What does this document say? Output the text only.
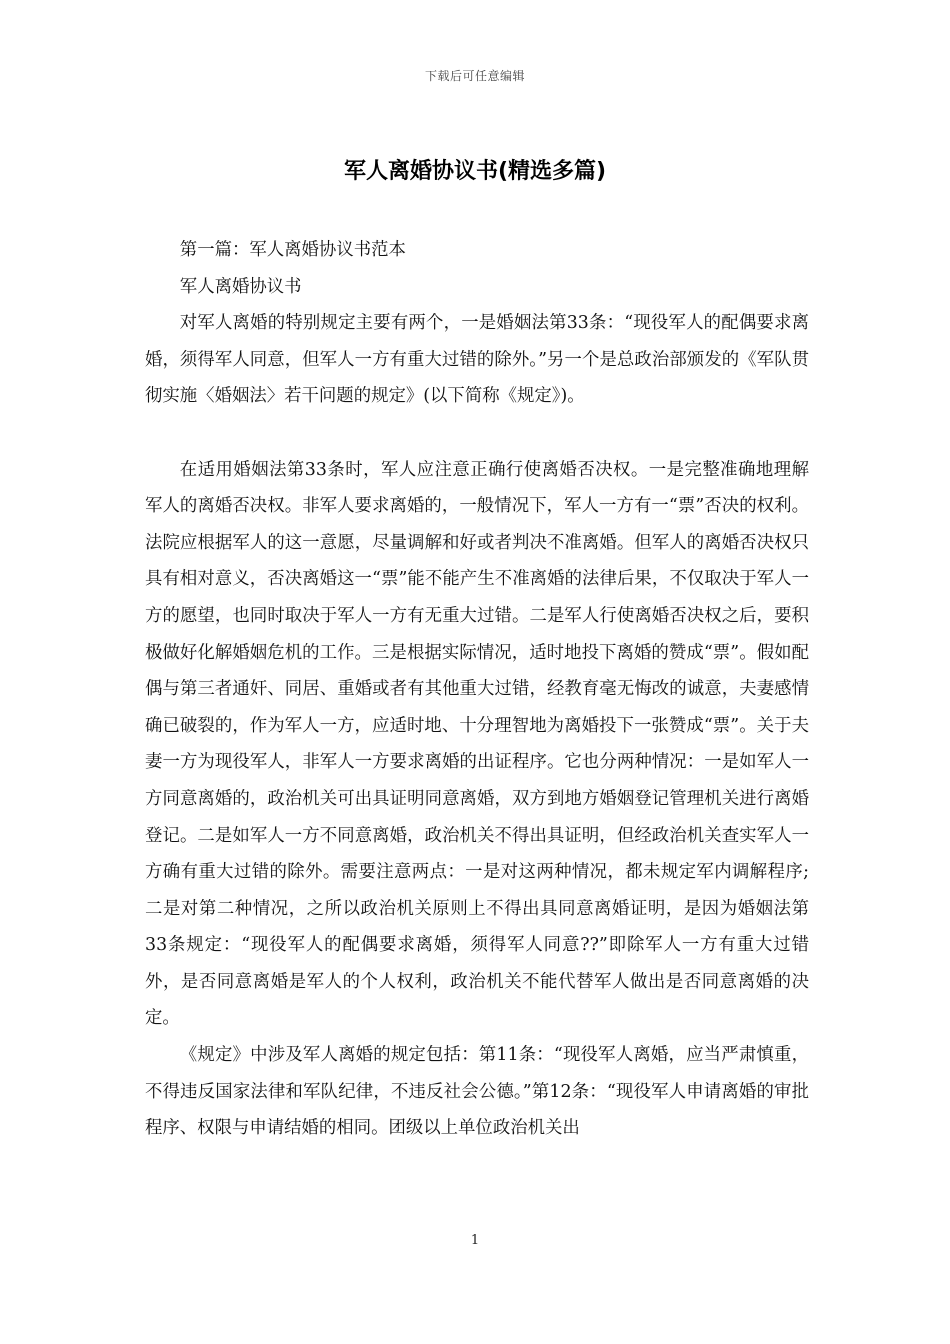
下载后可任意编辑
军人离婚协议书(精选多篇)

第一篇：军人离婚协议书范本

军人离婚协议书

对军人离婚的特别规定主要有两个，一是婚姻法第33条：“现役军人的配偶要求离婚，须得军人同意，但军人一方有重大过错的除外。”另一个是总政治部颁发的《军队贯彻实施〈婚姻法〉若干问题的规定》(以下简称《规定》)。

在适用婚姻法第33条时，军人应注意正确行使离婚否决权。一是完整准确地理解军人的离婚否决权。非军人要求离婚的，一般情况下，军人一方有一“票”否决的权利。法院应根据军人的这一意愿，尽量调解和好或者判决不准离婚。但军人的离婚否决权只具有相对意义，否决离婚这一“票”能不能产生不准离婚的法律后果，不仅取决于军人一方的愿望，也同时取决于军人一方有无重大过错。二是军人行使离婚否决权之后，要积极做好化解婚姻危机的工作。三是根据实际情况，适时地投下离婚的赞成“票”。假如配偶与第三者通奸、同居、重婚或者有其他重大过错，经教育毫无悔改的诚意，夫妻感情确已破裂的，作为军人一方，应适时地、十分理智地为离婚投下一张赞成“票”。关于夫妻一方为现役军人，非军人一方要求离婚的出证程序。它也分两种情况：一是如军人一方同意离婚的，政治机关可出具证明同意离婚，双方到地方婚姻登记管理机关进行离婚登记。二是如军人一方不同意离婚，政治机关不得出具证明，但经政治机关查实军人一方确有重大过错的除外。需要注意两点：一是对这两种情况，都未规定军内调解程序;二是对第二种情况，之所以政治机关原则上不得出具同意离婚证明，是因为婚姻法第33条规定：“现役军人的配偶要求离婚，须得军人同意??”即除军人一方有重大过错外，是否同意离婚是军人的个人权利，政治机关不能代替军人做出是否同意离婚的决定。

《规定》中涉及军人离婚的规定包括：第11条：“现役军人离婚，应当严肃慎重，不得违反国家法律和军队纪律，不违反社会公德。”第12条：“现役军人申请离婚的审批程序、权限与申请结婚的相同。团级以上单位政治机关出

1
